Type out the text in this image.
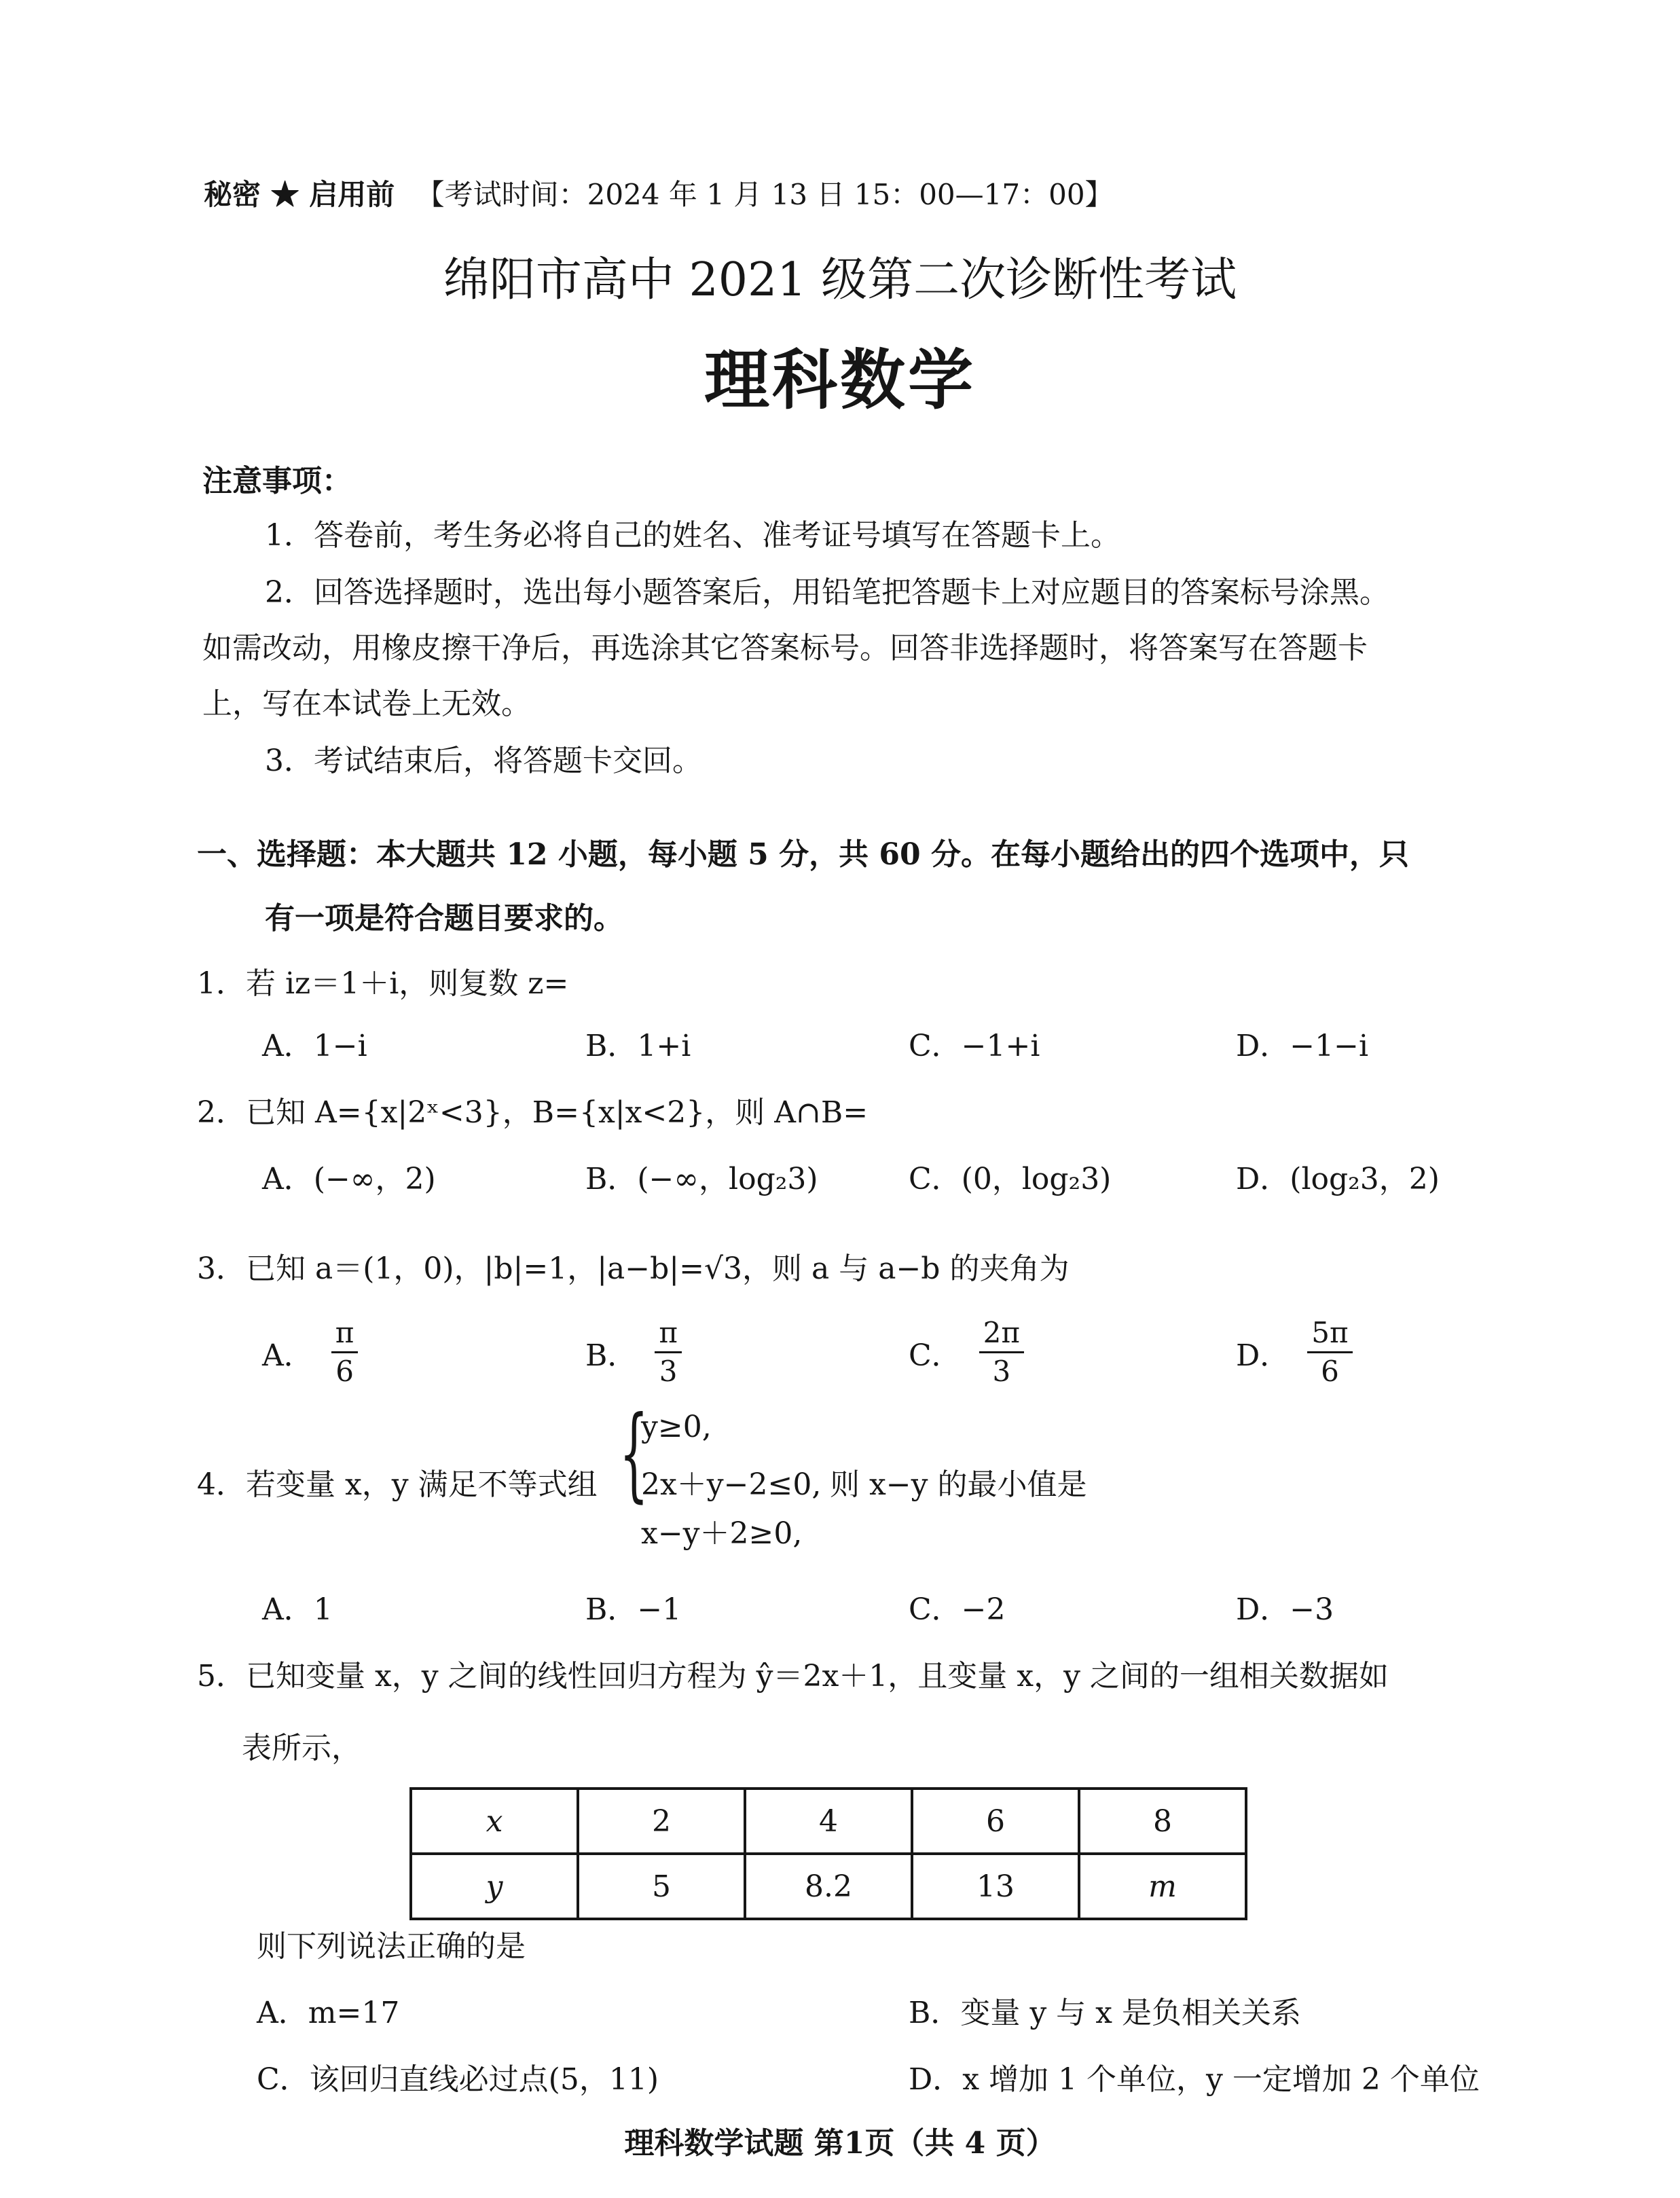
秘密 ★ 启用前 【考试时间：2024 年 1 月 13 日 15：00—17：00】
绵阳市高中 2021 级第二次诊断性考试
理科数学
注意事项：
1．答卷前，考生务必将自己的姓名、准考证号填写在答题卡上。
2．回答选择题时，选出每小题答案后，用铅笔把答题卡上对应题目的答案标号涂黑。
如需改动，用橡皮擦干净后，再选涂其它答案标号。回答非选择题时，将答案写在答题卡
上，写在本试卷上无效。
3．考试结束后，将答题卡交回。
一、选择题：本大题共 12 小题，每小题 5 分，共 60 分。在每小题给出的四个选项中，只
有一项是符合题目要求的。
1．若 iz＝1＋i，则复数 z=
A．1−i	B．1+i	C．−1+i	D．−1−i
2．已知 A={x|2ˣ<3}，B={x|x<2}，则 A∩B=
A．(−∞，2)	B．(−∞，log₂3)	C．(0，log₂3)	D．(log₂3，2)
3．已知 a＝(1，0)，|b|=1，|a−b|=√3，则 a 与 a−b 的夹角为
A． $\frac{\pi}{6}$	B． $\frac{\pi}{3}$	C． $\frac{2\pi}{3}$	D． $\frac{5\pi}{6}$
4．若变量 x，y 满足不等式组 {
y≥0,
2x＋y−2≤0,
x−y＋2≥0,
则 x−y 的最小值是
A．1	B．−1	C．−2	D．−3
5．已知变量 x，y 之间的线性回归方程为 ŷ＝2x＋1，且变量 x，y 之间的一组相关数据如
表所示，
x	2	4	6	8
y	5	8.2	13	m
则下列说法正确的是
A．m=17	B．变量 y 与 x 是负相关关系
C．该回归直线必过点(5，11)	D．x 增加 1 个单位，y 一定增加 2 个单位
理科数学试题 第1页（共 4 页）
